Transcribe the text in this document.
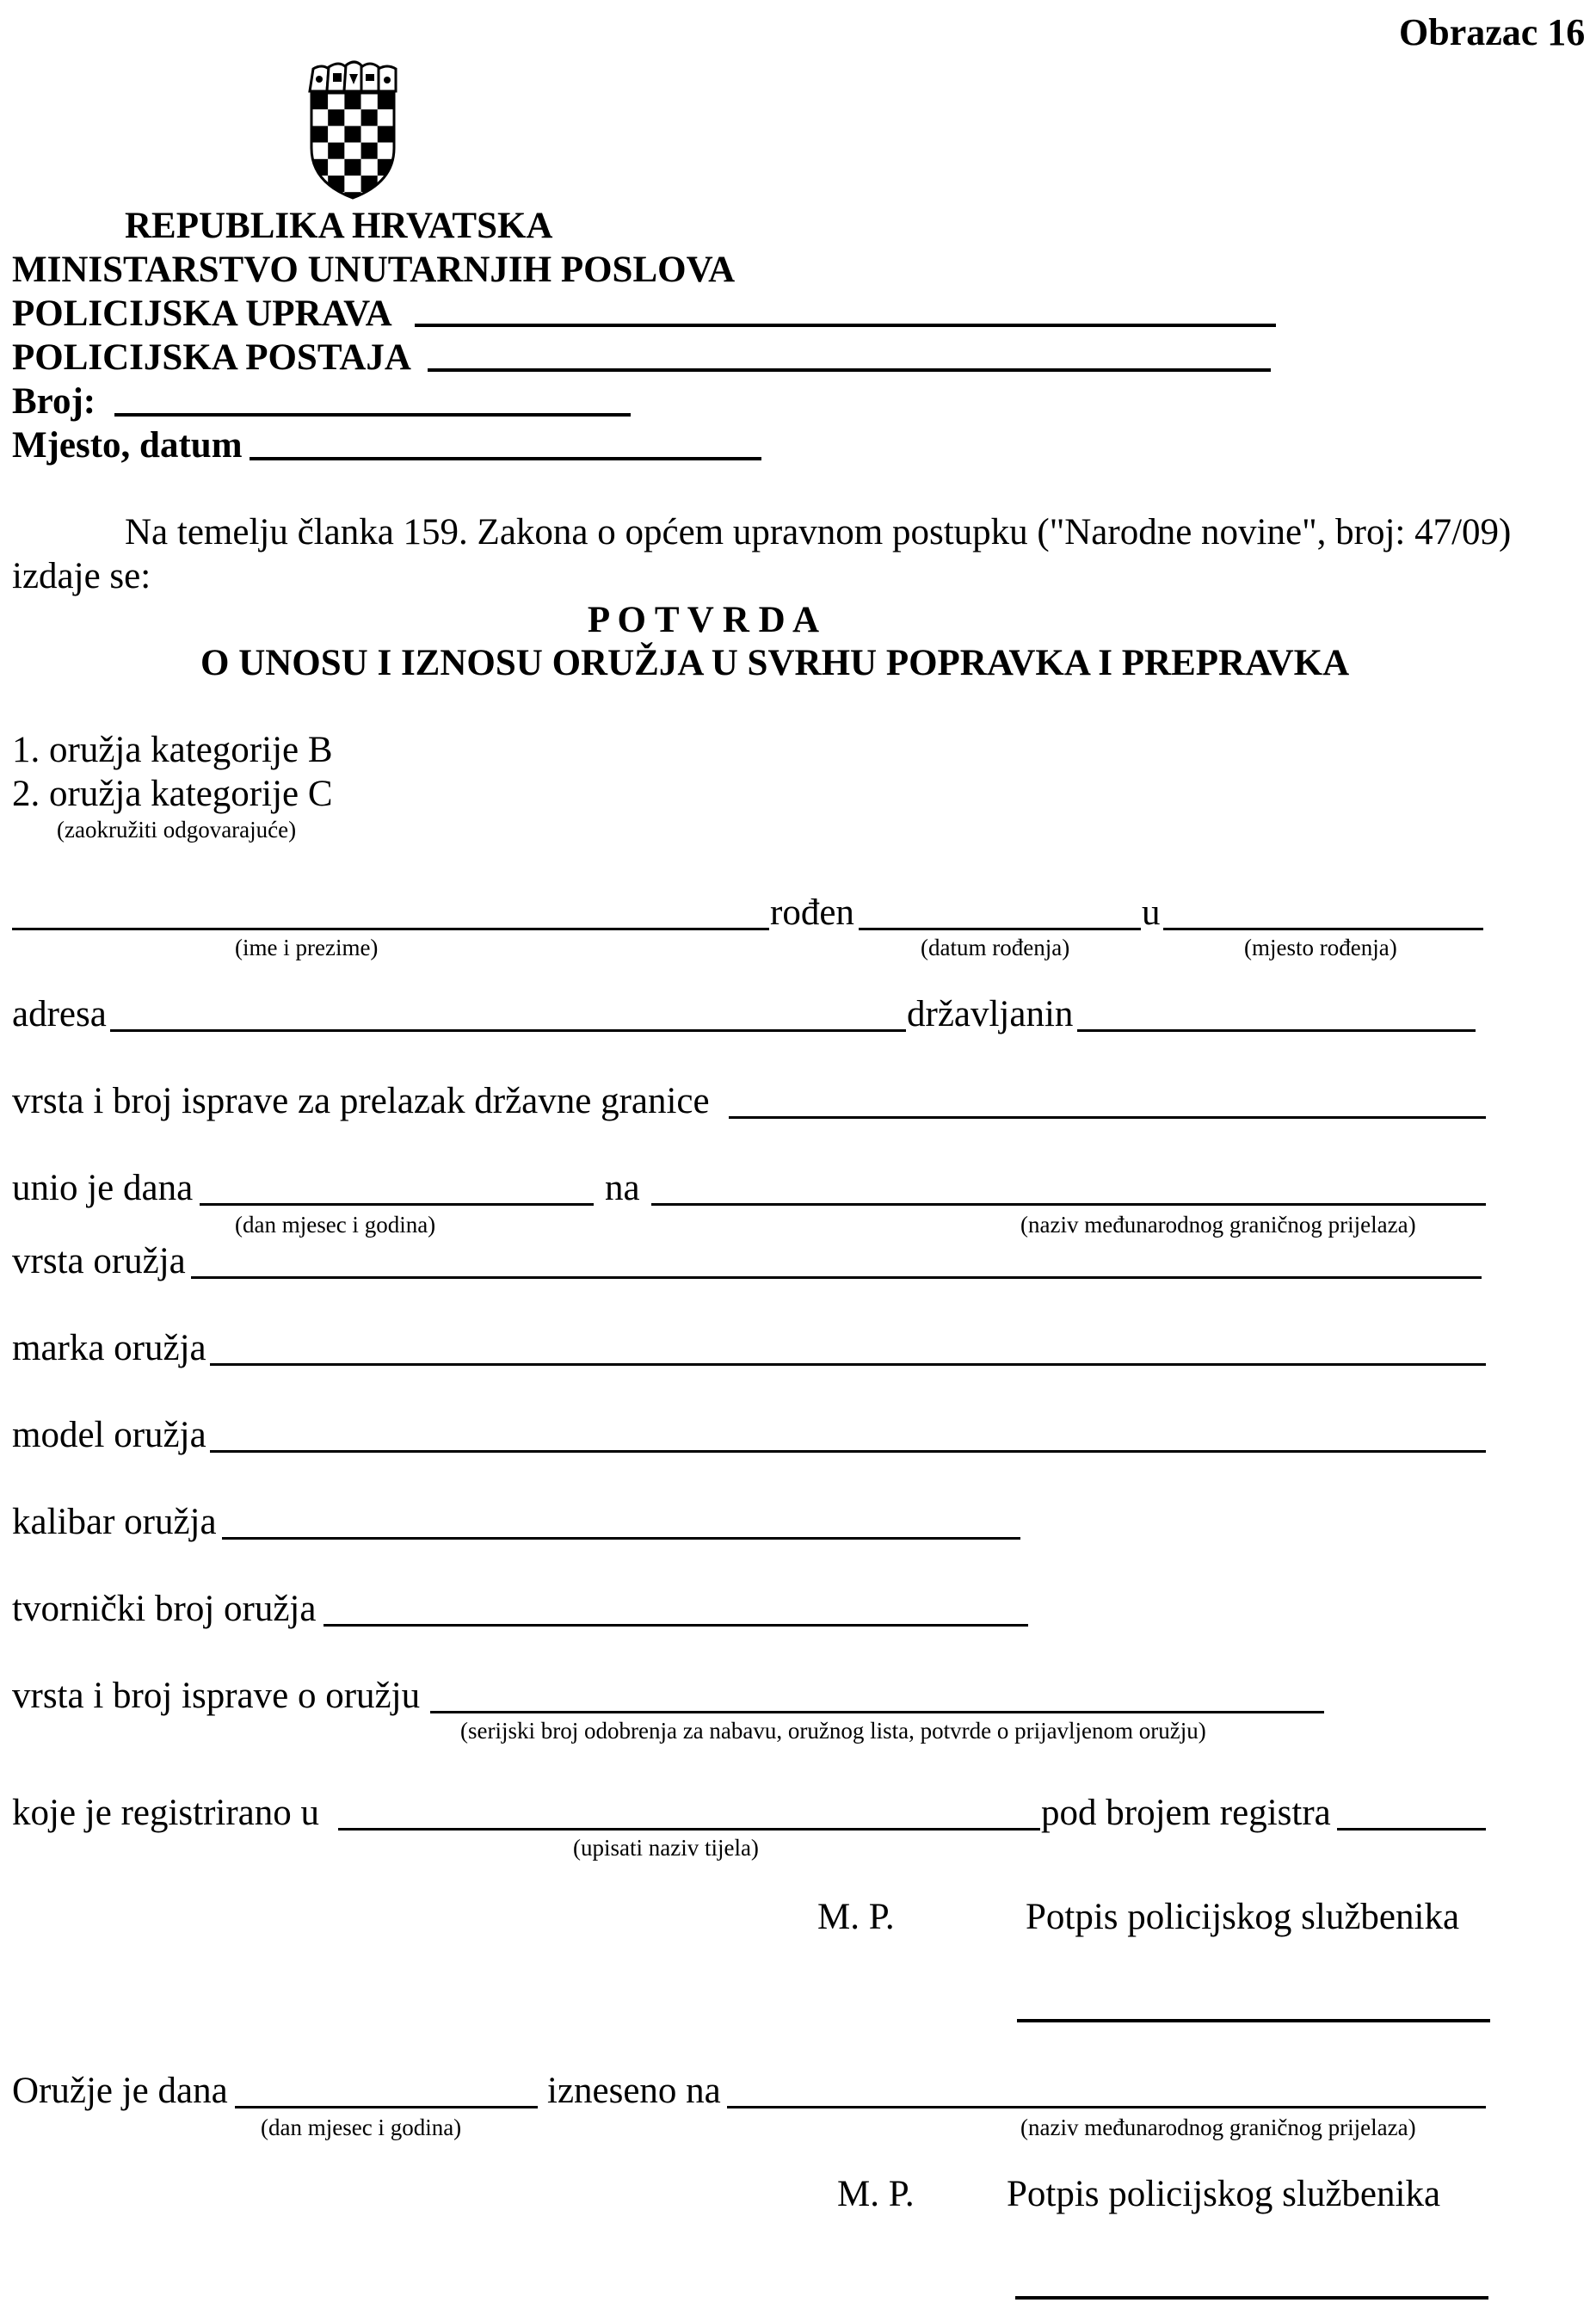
Obrazac 16
REPUBLIKA HRVATSKA
MINISTARSTVO UNUTARNJIH POSLOVA
POLICIJSKA UPRAVA
POLICIJSKA POSTAJA
Broj:
Mjesto, datum
Na temelju članka 159. Zakona o općem upravnom postupku ("Narodne novine", broj: 47/09)
izdaje se:
P O T V R D A
O UNOSU I IZNOSU ORUŽJA U SVRHU POPRAVKA I PREPRAVKA
1. oružja kategorije B
2. oružja kategorije C
(zaokružiti odgovarajuće)
rođen	u
(ime i prezime)	(datum rođenja)	(mjesto rođenja)
adresa	državljanin
vrsta i broj isprave za prelazak državne granice
unio je dana	na
(dan mjesec i godina)	(naziv međunarodnog graničnog prijelaza)
vrsta oružja
marka oružja
model oružja
kalibar oružja
tvornički broj oružja
vrsta i broj isprave o oružju
(serijski broj odobrenja za nabavu, oružnog lista, potvrde o prijavljenom oružju)
koje je registrirano u	pod brojem registra
(upisati naziv tijela)
M. P.	Potpis policijskog službenika
Oružje je dana	izneseno na
(dan mjesec i godina)	(naziv međunarodnog graničnog prijelaza)
M. P. Potpis policijskog službenika
